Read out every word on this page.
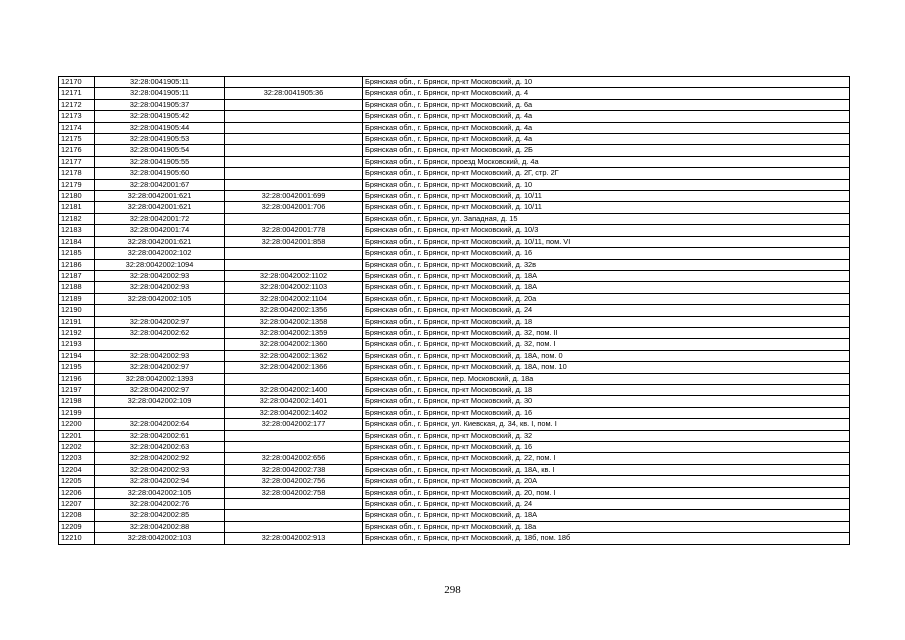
12170	32:28:0041905:11		Брянская обл., г. Брянск, пр-кт Московский, д. 10
12171	32:28:0041905:11	32:28:0041905:36	Брянская обл., г. Брянск, пр-кт Московский, д. 4
12172	32:28:0041905:37		Брянская обл., г. Брянск, пр-кт Московский, д. 6а
12173	32:28:0041905:42		Брянская обл., г. Брянск, пр-кт Московский, д. 4а
12174	32:28:0041905:44		Брянская обл., г. Брянск, пр-кт Московский, д. 4а
12175	32:28:0041905:53		Брянская обл., г. Брянск, пр-кт Московский, д. 4а
12176	32:28:0041905:54		Брянская обл., г. Брянск, пр-кт Московский, д. 2Б
12177	32:28:0041905:55		Брянская обл., г. Брянск, проезд Московский, д. 4а
12178	32:28:0041905:60		Брянская обл., г. Брянск, пр-кт Московский, д. 2Г, стр. 2Г
12179	32:28:0042001:67		Брянская обл., г. Брянск, пр-кт Московский, д. 10
12180	32:28:0042001:621	32:28:0042001:699	Брянская обл., г. Брянск, пр-кт Московский, д. 10/11
12181	32:28:0042001:621	32:28:0042001:706	Брянская обл., г. Брянск, пр-кт Московский, д. 10/11
12182	32:28:0042001:72		Брянская обл., г. Брянск, ул. Западная, д. 15
12183	32:28:0042001:74	32:28:0042001:778	Брянская обл., г. Брянск, пр-кт Московский, д. 10/3
12184	32:28:0042001:621	32:28:0042001:858	Брянская обл., г. Брянск, пр-кт Московский, д. 10/11, пом. VI
12185	32:28:0042002:102		Брянская обл., г. Брянск, пр-кт Московский, д. 16
12186	32:28:0042002:1094		Брянская обл., г. Брянск, пр-кт Московский, д. 32в
12187	32:28:0042002:93	32:28:0042002:1102	Брянская обл., г. Брянск, пр-кт Московский, д. 18А
12188	32:28:0042002:93	32:28:0042002:1103	Брянская обл., г. Брянск, пр-кт Московский, д. 18А
12189	32:28:0042002:105	32:28:0042002:1104	Брянская обл., г. Брянск, пр-кт Московский, д. 20а
12190		32:28:0042002:1356	Брянская обл., г. Брянск, пр-кт Московский, д. 24
12191	32:28:0042002:97	32:28:0042002:1358	Брянская обл., г. Брянск, пр-кт Московский, д. 18
12192	32:28:0042002:62	32:28:0042002:1359	Брянская обл., г. Брянск, пр-кт Московский, д. 32, пом. II
12193		32:28:0042002:1360	Брянская обл., г. Брянск, пр-кт Московский, д. 32, пом. I
12194	32:28:0042002:93	32:28:0042002:1362	Брянская обл., г. Брянск, пр-кт Московский, д. 18А, пом. 0
12195	32:28:0042002:97	32:28:0042002:1366	Брянская обл., г. Брянск, пр-кт Московский, д. 18А, пом. 10
12196	32:28:0042002:1393		Брянская обл., г. Брянск, пер. Московский, д. 18а
12197	32:28:0042002:97	32:28:0042002:1400	Брянская обл., г. Брянск, пр-кт Московский, д. 18
12198	32:28:0042002:109	32:28:0042002:1401	Брянская обл., г. Брянск, пр-кт Московский, д. 30
12199		32:28:0042002:1402	Брянская обл., г. Брянск, пр-кт Московский, д. 16
12200	32:28:0042002:64	32:28:0042002:177	Брянская обл., г. Брянск, ул. Киевская, д. 34, кв. I, пом. I
12201	32:28:0042002:61		Брянская обл., г. Брянск, пр-кт Московский, д. 32
12202	32:28:0042002:63		Брянская обл., г. Брянск, пр-кт Московский, д. 16
12203	32:28:0042002:92	32:28:0042002:656	Брянская обл., г. Брянск, пр-кт Московский, д. 22, пом. I
12204	32:28:0042002:93	32:28:0042002:738	Брянская обл., г. Брянск, пр-кт Московский, д. 18А, кв. I
12205	32:28:0042002:94	32:28:0042002:756	Брянская обл., г. Брянск, пр-кт Московский, д. 20А
12206	32:28:0042002:105	32:28:0042002:758	Брянская обл., г. Брянск, пр-кт Московский, д. 20, пом. I
12207	32:28:0042002:76		Брянская обл., г. Брянск, пр-кт Московский, д. 24
12208	32:28:0042002:85		Брянская обл., г. Брянск, пр-кт Московский, д. 18А
12209	32:28:0042002:88		Брянская обл., г. Брянск, пр-кт Московский, д. 18а
12210	32:28:0042002:103	32:28:0042002:913	Брянская обл., г. Брянск, пр-кт Московский, д. 18б, пом. 18б
298
